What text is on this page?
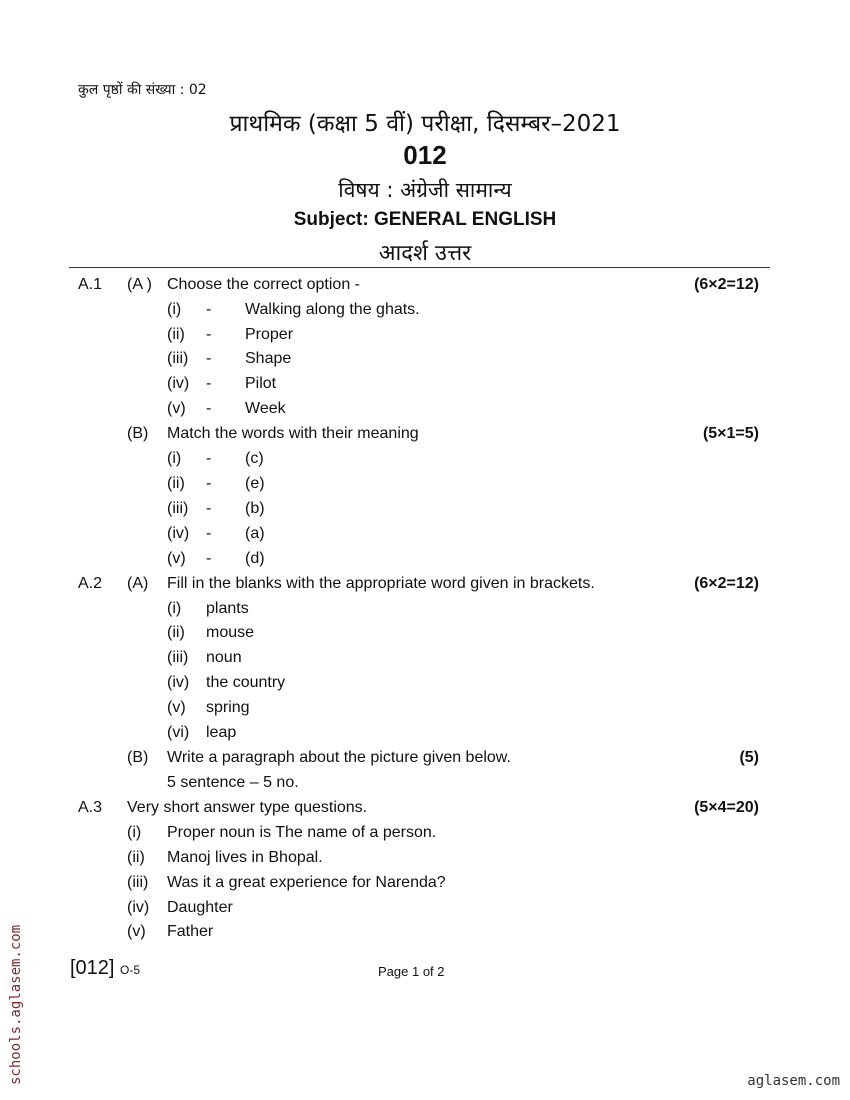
कुल पृष्ठों की संख्या : 02
प्राथमिक (कक्षा 5 वीं) परीक्षा, दिसम्बर–2021
012
विषय : अंग्रेजी सामान्य
Subject: GENERAL ENGLISH
आदर्श उत्तर
A.1 (A ) Choose the correct option -	(6×2=12)
(i) - Walking along the ghats.
(ii) - Proper
(iii) - Shape
(iv) - Pilot
(v) - Week
(B) Match the words with their meaning	(5×1=5)
(i) - (c)
(ii) - (e)
(iii) - (b)
(iv) - (a)
(v) - (d)
A.2 (A) Fill in the blanks with the appropriate word given in brackets.	(6×2=12)
(i) plants
(ii) mouse
(iii) noun
(iv) the country
(v) spring
(vi) leap
(B) Write a paragraph about the picture given below.	(5)
5 sentence – 5 no.
A.3 Very short answer type questions.	(5×4=20)
(i) Proper noun is The name of a person.
(ii) Manoj lives in Bhopal.
(iii) Was it a great experience for Narenda?
(iv) Daughter
(v) Father
[012] O-5	Page 1 of 2
schools.aglasem.com	aglasem.com
